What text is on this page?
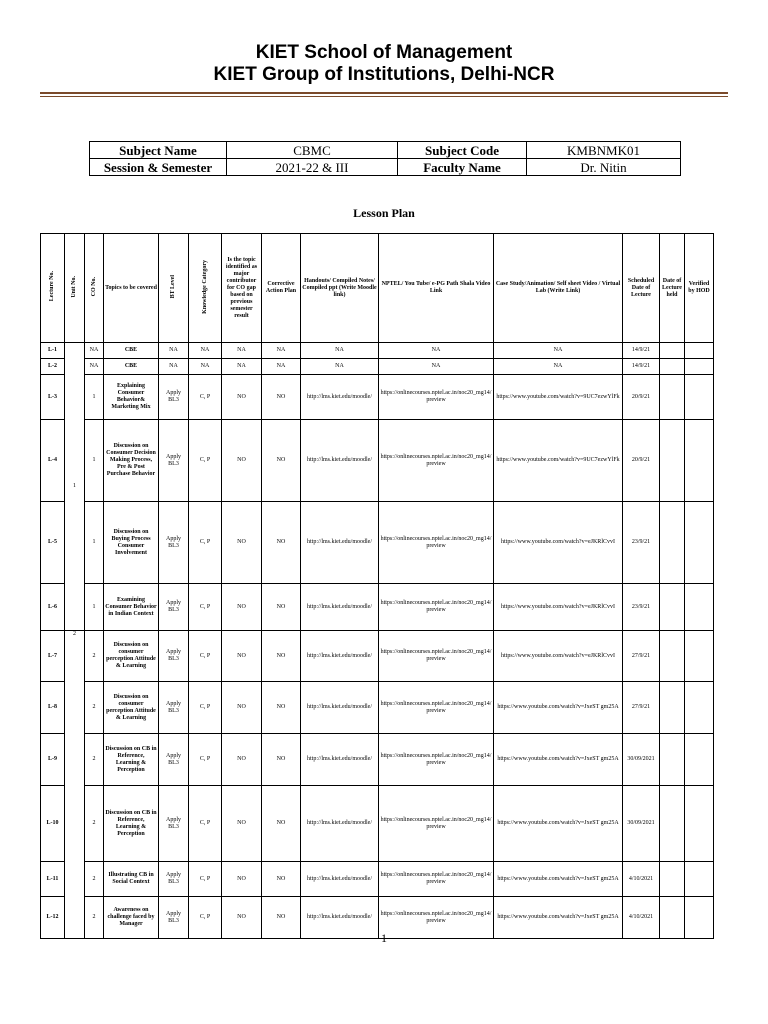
KIET School of Management
KIET Group of Institutions, Delhi-NCR
Subject Name	CBMC	Subject Code	KMBNMK01
Session & Semester	2021-22 & III	Faculty Name	Dr. Nitin
Lesson Plan
Lecture No.	Unit No.	CO No.	Topics to be covered	BT Level	Knowledge Category	Is the topic identified as major contributor for CO gap based on previous semester result	Corrective Action Plan	Handouts/ Compiled Notes/ Compiled ppt (Write Moodle link)	NPTEL/ You Tube/ e-PG Path Shala Video Link	Case Study/Animation/ Self sheet Video / Virtual Lab (Write Link)	Scheduled Date of Lecture	Date of Lecture held	Verified by HOD
L-1	1	NA	CBE	NA	NA	NA	NA	NA	NA	NA	14/9/21		
L-2		NA	CBE	NA	NA	NA	NA	NA	NA	NA	14/9/21		
L-3		1	Explaining Consumer Behavior& Marketing Mix	Apply BL3	C, P	NO	NO	http://lms.kiet.edu/moodle/	https://onlinecourses.nptel.ac.in/noc20_mg14/preview	https://www.youtube.com/watch?v=9UC7ezwYlFk	20/9/21		
L-4		1	Discussion on Consumer Decision Making Process, Pre & Post Purchase Behavior	Apply BL3	C, P	NO	NO	http://lms.kiet.edu/moodle/	https://onlinecourses.nptel.ac.in/noc20_mg14/preview	https://www.youtube.com/watch?v=9UC7ezwYlFk	20/9/21		
L-5		1	Discussion on Buying Process Consumer Involvement	Apply BL3	C, P	NO	NO	http://lms.kiet.edu/moodle/	https://onlinecourses.nptel.ac.in/noc20_mg14/preview	https://www.youtube.com/watch?v=eJKRlCvvI	23/9/21		
L-6		1	Examining Consumer Behavior in Indian Context	Apply BL3	C, P	NO	NO	http://lms.kiet.edu/moodle/	https://onlinecourses.nptel.ac.in/noc20_mg14/preview	https://www.youtube.com/watch?v=eJKRlCvvI	23/9/21		
L-7	2	2	Discussion on consumer perception Attitude & Learning	Apply BL3	C, P	NO	NO	http://lms.kiet.edu/moodle/	https://onlinecourses.nptel.ac.in/noc20_mg14/preview	https://www.youtube.com/watch?v=eJKRlCvvI	27/9/21		
L-8		2	Discussion on consumer perception Attitude & Learning	Apply BL3	C, P	NO	NO	http://lms.kiet.edu/moodle/	https://onlinecourses.nptel.ac.in/noc20_mg14/preview	https://www.youtube.com/watch?v=JxeST gm25A	27/9/21		
L-9		2	Discussion on CB in Reference, Learning & Perception	Apply BL3	C, P	NO	NO	http://lms.kiet.edu/moodle/	https://onlinecourses.nptel.ac.in/noc20_mg14/preview	https://www.youtube.com/watch?v=JxeST gm25A	30/09/2021		
L-10		2	Discussion on CB in Reference, Learning & Perception	Apply BL3	C, P	NO	NO	http://lms.kiet.edu/moodle/	https://onlinecourses.nptel.ac.in/noc20_mg14/preview	https://www.youtube.com/watch?v=JxeST gm25A	30/09/2021		
L-11		2	Illustrating CB in Social Context	Apply BL3	C, P	NO	NO	http://lms.kiet.edu/moodle/	https://onlinecourses.nptel.ac.in/noc20_mg14/preview	https://www.youtube.com/watch?v=JxeST gm25A	4/10/2021		
L-12		2	Awareness on challenge faced by Manager	Apply BL3	C, P	NO	NO	http://lms.kiet.edu/moodle/	https://onlinecourses.nptel.ac.in/noc20_mg14/preview	https://www.youtube.com/watch?v=JxeST gm25A	4/10/2021		
1
